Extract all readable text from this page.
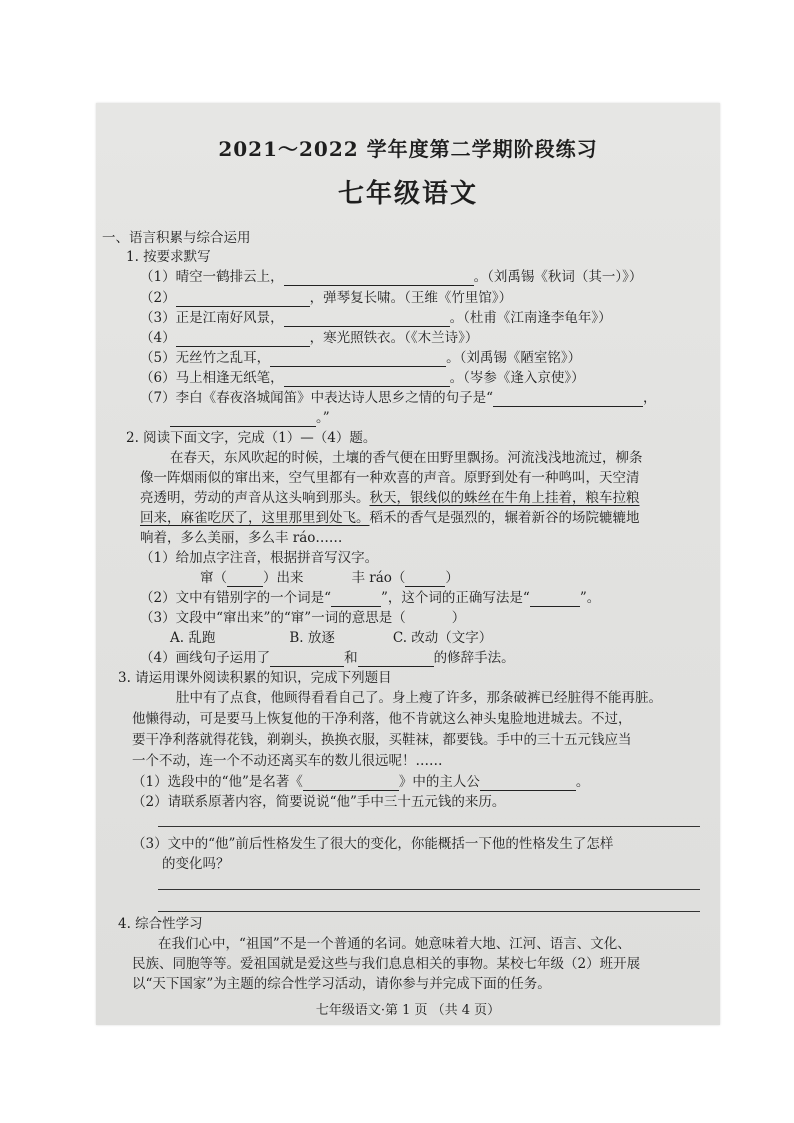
2021～2022 学年度第二学期阶段练习
七年级语文
一、语言积累与综合运用
1. 按要求默写
（1）晴空一鹤排云上，	。（刘禹锡《秋词（其一）》）
（2）	，弹琴复长啸。（王维《竹里馆》）
（3）正是江南好风景，	。（杜甫《江南逢李龟年》）
（4）	，寒光照铁衣。（《木兰诗》）
（5）无丝竹之乱耳，	。（刘禹锡《陋室铭》）
（6）马上相逢无纸笔，	。（岑参《逢入京使》）
（7）李白《春夜洛城闻笛》中表达诗人思乡之情的句子是“	，
。”
2. 阅读下面文字，完成（1）—（4）题。
在春天，东风吹起的时候，土壤的香气便在田野里飘扬。河流浅浅地流过，柳条
像一阵烟雨似的窜出来，空气里都有一种欢喜的声音。原野到处有一种鸣叫，天空清
亮透明，劳动的声音从这头响到那头。秋天，银线似的蛛丝在牛角上挂着，粮车拉粮
回来，麻雀吃厌了，这里那里到处飞。稻禾的香气是强烈的，辗着新谷的场院辘辘地
响着，多么美丽，多么丰 ráo……
（1）给加点字注音，根据拼音写汉字。
窜（	）出来	丰 ráo（	）
（2）文中有错别字的一个词是“	”，这个词的正确写法是“	”。
（3）文段中“窜出来”的“窜”一词的意思是（	）
A. 乱跑	B. 放逐	C. 改动（文字）
（4）画线句子运用了	和	的修辞手法。
3. 请运用课外阅读积累的知识，完成下列题目
肚中有了点食，他顾得看看自己了。身上瘦了许多，那条破裤已经脏得不能再脏。
他懒得动，可是要马上恢复他的干净利落，他不肯就这么神头鬼脸地进城去。不过，
要干净利落就得花钱，剃剃头，换换衣服，买鞋袜，都要钱。手中的三十五元钱应当
一个不动，连一个不动还离买车的数儿很远呢！……
（1）选段中的“他”是名著《	》中的主人公	。
（2）请联系原著内容，简要说说“他”手中三十五元钱的来历。
（3）文中的“他”前后性格发生了很大的变化，你能概括一下他的性格发生了怎样
的变化吗？
4. 综合性学习
在我们心中，“祖国”不是一个普通的名词。她意味着大地、江河、语言、文化、
民族、同胞等等。爱祖国就是爱这些与我们息息相关的事物。某校七年级（2）班开展
以“天下国家”为主题的综合性学习活动，请你参与并完成下面的任务。
七年级语文·第 1 页 （共 4 页）
